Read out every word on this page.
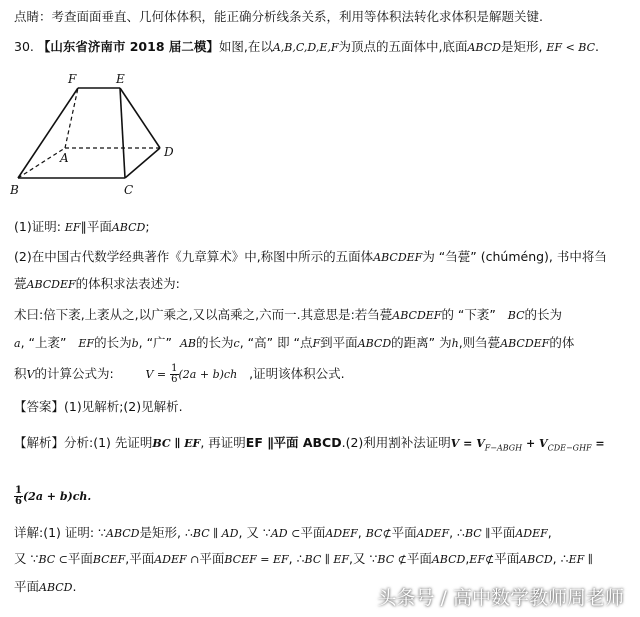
点睛：考查面面垂直、几何体体积，能正确分析线条关系，利用等体积法转化求体积是解题关键.
30. 【山东省济南市 2018 届二模】如图,在以A,B,C,D,E,F为顶点的五面体中,底面ABCD是矩形, EF < BC.
F	E
A	D
B	C
(1)证明: EF∥平面ABCD;
(2)在中国古代数学经典著作《九章算术》中,称图中所示的五面体ABCDEF为 “刍甍” (chúméng), 书中将刍
甍ABCDEF的体积求法表述为:
术曰:倍下袤,上袤从之,以广乘之,又以高乘之,六而一.其意思是:若刍甍ABCDEF的 “下袤” BC的长为
a, “上袤” EF的长为b, “广” AB的长为c, “高” 即 “点F到平面ABCD的距离” 为h,则刍甍ABCDEF的体
积V的计算公式为:	$V = \frac{1}{6} (2a + b)ch$ ,证明该体积公式.
【答案】(1)见解析;(2)见解析.
【解析】分析:(1) 先证明BC ∥ EF, 再证明EF ∥平面 ABCD.(2)利用割补法证明$V = V_{F-ABGH} + V_{CDE-GHF}$ =
$\frac{1}{6} (2a + b)ch$.
详解:(1) 证明: ∵ABCD是矩形, ∴BC ∥ AD, 又 ∵AD ⊂平面ADEF, BC⊄平面ADEF, ∴BC ∥平面ADEF,
又 ∵BC ⊂平面BCEF,平面ADEF ∩平面BCEF = EF, ∴BC ∥ EF,又 ∵BC ⊄平面ABCD,EF⊄平面ABCD, ∴EF ∥
平面ABCD.
头条号 / 高中数学教师周老师
